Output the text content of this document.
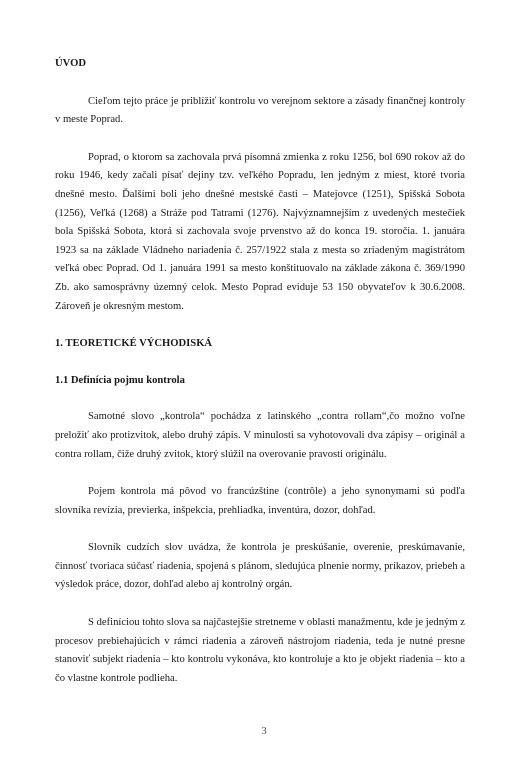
ÚVOD

Cieľom tejto práce je priblížiť kontrolu vo verejnom sektore a zásady finančnej kontroly v meste Poprad.

Poprad, o ktorom sa zachovala prvá písomná zmienka z roku 1256, bol 690 rokov až do roku 1946, kedy začali písať dejiny tzv. veľkého Popradu, len jedným z miest, ktoré tvoria dnešné mesto. Ďalšími boli jeho dnešné mestské časti – Matejovce (1251), Spišská Sobota (1256), Veľká (1268) a Stráže pod Tatrami (1276). Najvýznamnejším z uvedených mestečiek bola Spišská Sobota, ktorá si zachovala svoje prvenstvo až do konca 19. storočia. 1. januára 1923 sa na základe Vládneho nariadenia č. 257/1922 stala z mesta so zriadeným magistrátom veľká obec Poprad. Od 1. januára 1991 sa mesto konštituovalo na základe zákona č. 369/1990 Zb. ako samosprávny územný celok. Mesto Poprad eviduje 53 150 obyvateľov k 30.6.2008. Zároveň je okresným mestom.

1. TEORETICKÉ VÝCHODISKÁ

1.1 Definícia pojmu kontrola

Samotné slovo „kontrola“ pochádza z latinského „contra rollam“,čo možno voľne preložiť ako protizvitok, alebo druhý zápis. V minulosti sa vyhotovovali dva zápisy – originál a contra rollam, čiže druhý zvitok, ktorý slúžil na overovanie pravosti originálu.

Pojem kontrola má pôvod vo francúzštine (contrôle) a jeho synonymami sú podľa slovníka revízia, previerka, inšpekcia, prehliadka, inventúra, dozor, dohľad.

Slovník cudzích slov uvádza, že kontrola je preskúšanie, overenie, preskúmavanie, činnosť tvoriaca súčasť riadenia, spojená s plánom, sledujúca plnenie normy, príkazov, priebeh a výsledok práce, dozor, dohľad alebo aj kontrolný orgán.

S definíciou tohto slova sa najčastejšie stretneme v oblasti manažmentu, kde je jedným z procesov prebiehajúcich v rámci riadenia a zároveň nástrojom riadenia, teda je nutné presne stanoviť subjekt riadenia – kto kontrolu vykonáva, kto kontroluje a kto je objekt riadenia – kto a čo vlastne kontrole podlieha.

3
